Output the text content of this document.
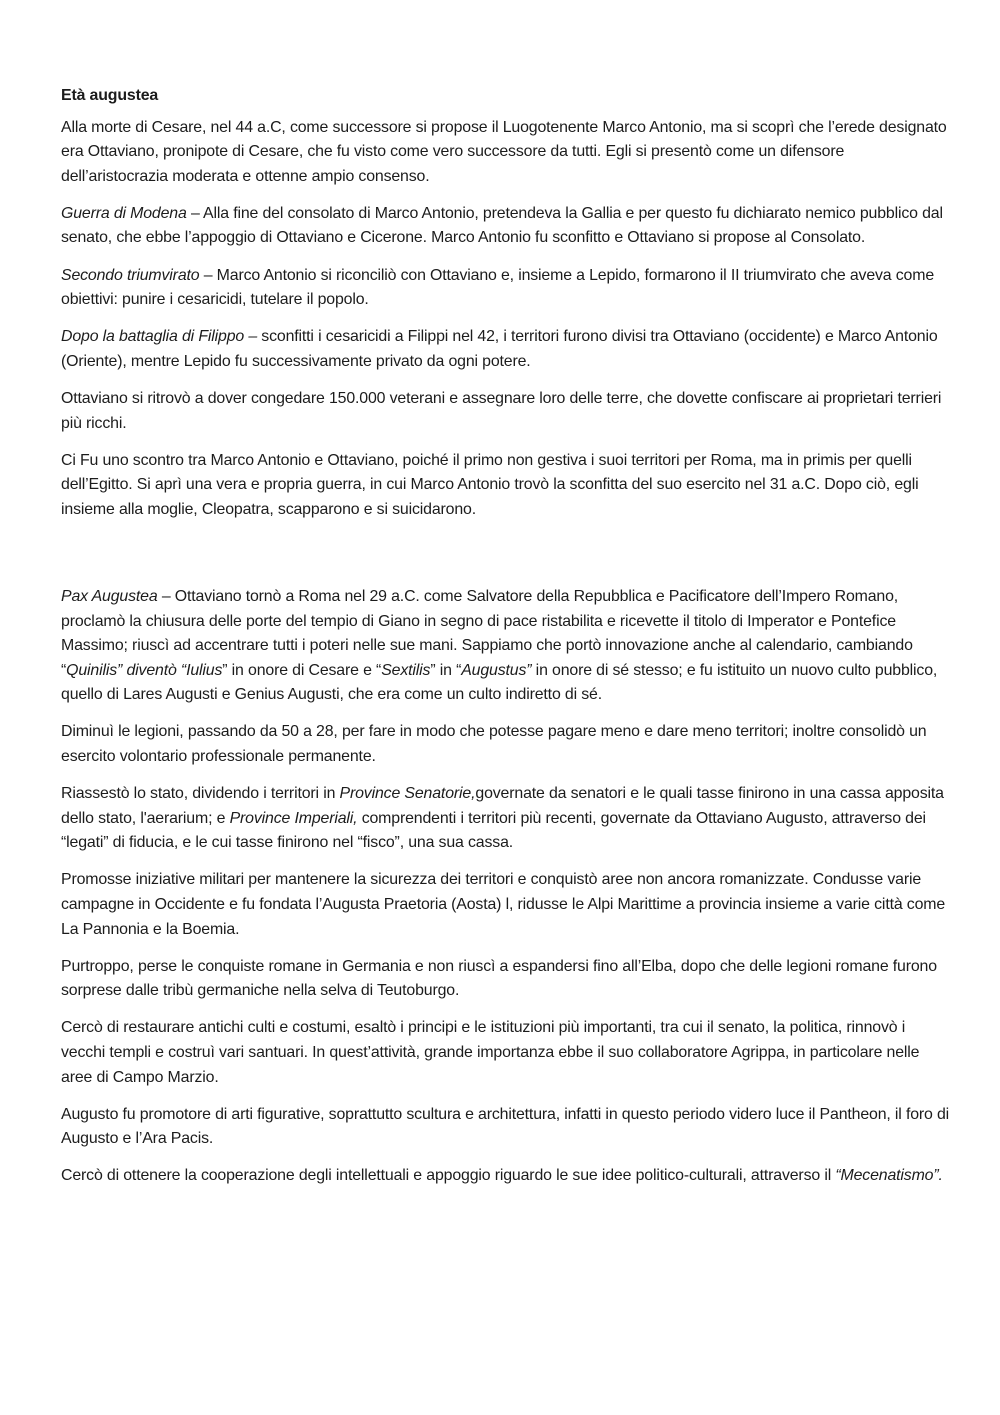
Età augustea
Alla morte di Cesare, nel 44 a.C, come successore si propose il Luogotenente Marco Antonio, ma si scoprì che l’erede designato era Ottaviano, pronipote di Cesare, che fu visto come vero successore da tutti. Egli si presentò come un difensore dell’aristocrazia moderata e ottenne ampio consenso.
Guerra di Modena – Alla fine del consolato di Marco Antonio, pretendeva la Gallia e per questo fu dichiarato nemico pubblico dal senato, che ebbe l’appoggio di Ottaviano e Cicerone. Marco Antonio fu sconfitto e Ottaviano si propose al Consolato.
Secondo triumvirato – Marco Antonio si riconciliò con Ottaviano e, insieme a Lepido, formarono il II triumvirato che aveva come obiettivi: punire i cesaricidi, tutelare il popolo.
Dopo la battaglia di Filippo – sconfitti i cesaricidi a Filippi nel 42, i territori furono divisi tra Ottaviano (occidente) e Marco Antonio (Oriente), mentre Lepido fu successivamente privato da ogni potere.
Ottaviano si ritrovò a dover congedare 150.000 veterani e assegnare loro delle terre, che dovette confiscare ai proprietari terrieri più ricchi.
Ci Fu uno scontro tra Marco Antonio e Ottaviano, poiché il primo non gestiva i suoi territori per Roma, ma in primis per quelli dell’Egitto. Si aprì una vera e propria guerra, in cui Marco Antonio trovò la sconfitta del suo esercito nel 31 a.C. Dopo ciò, egli insieme alla moglie, Cleopatra, scapparono e si suicidarono.
Pax Augustea – Ottaviano tornò a Roma nel 29 a.C. come Salvatore della Repubblica e Pacificatore dell’Impero Romano, proclamò la chiusura delle porte del tempio di Giano in segno di pace ristabilita e ricevette il titolo di Imperator e Pontefice Massimo; riuscì ad accentrare tutti i poteri nelle sue mani. Sappiamo che portò innovazione anche al calendario, cambiando “Quinilis” diventò “Iulius” in onore di Cesare e “Sextilis” in “Augustus” in onore di sé stesso; e fu istituito un nuovo culto pubblico, quello di Lares Augusti e Genius Augusti, che era come un culto indiretto di sé.
Diminuì le legioni, passando da 50 a 28, per fare in modo che potesse pagare meno e dare meno territori; inoltre consolidò un esercito volontario professionale permanente.
Riassestò lo stato, dividendo i territori in Province Senatorie,governate da senatori e le quali tasse finirono in una cassa apposita dello stato, l'aerarium; e Province Imperiali, comprendenti i territori più recenti, governate da Ottaviano Augusto, attraverso dei “legati” di fiducia, e le cui tasse finirono nel “fisco”, una sua cassa.
Promosse iniziative militari per mantenere la sicurezza dei territori e conquistò aree non ancora romanizzate. Condusse varie campagne in Occidente e fu fondata l’Augusta Praetoria (Aosta) l, ridusse le Alpi Marittime a provincia insieme a varie città come La Pannonia e la Boemia.
Purtroppo, perse le conquiste romane in Germania e non riuscì a espandersi fino all’Elba, dopo che delle legioni romane furono sorprese dalle tribù germaniche nella selva di Teutoburgo.
Cercò di restaurare antichi culti e costumi, esaltò i principi e le istituzioni più importanti, tra cui il senato, la politica, rinnovò i vecchi templi e costruì vari santuari. In quest’attività, grande importanza ebbe il suo collaboratore Agrippa, in particolare nelle aree di Campo Marzio.
Augusto fu promotore di arti figurative, soprattutto scultura e architettura, infatti in questo periodo videro luce il Pantheon, il foro di Augusto e l’Ara Pacis.
Cercò di ottenere la cooperazione degli intellettuali e appoggio riguardo le sue idee politico-culturali, attraverso il “Mecenatismo”.
